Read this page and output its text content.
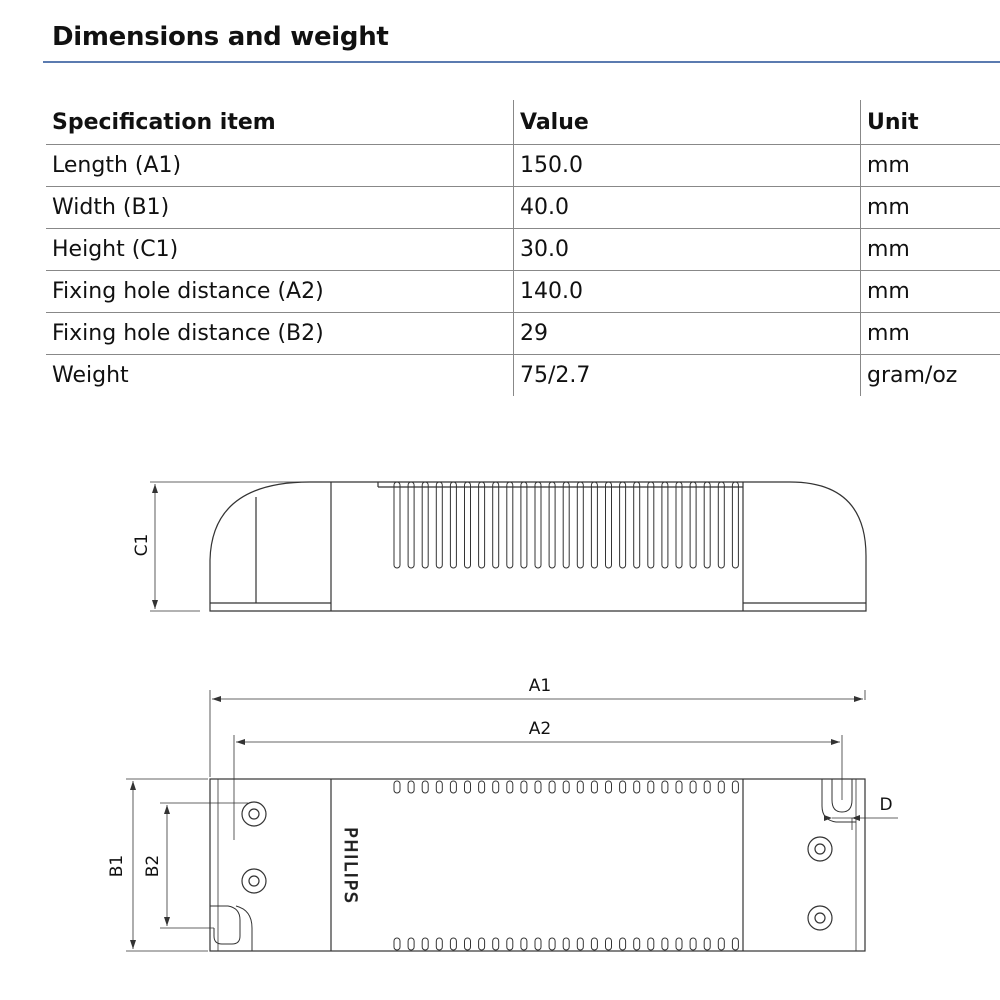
Dimensions and weight
Specification item	Value	Unit
Length (A1)	150.0	mm
Width (B1)	40.0	mm
Height (C1)	30.0	mm
Fixing hole distance (A2)	140.0	mm
Fixing hole distance (B2)	29	mm
Weight	75/2.7	gram/oz
C1
A1
A2
B1 B2
D
PHILIPS
